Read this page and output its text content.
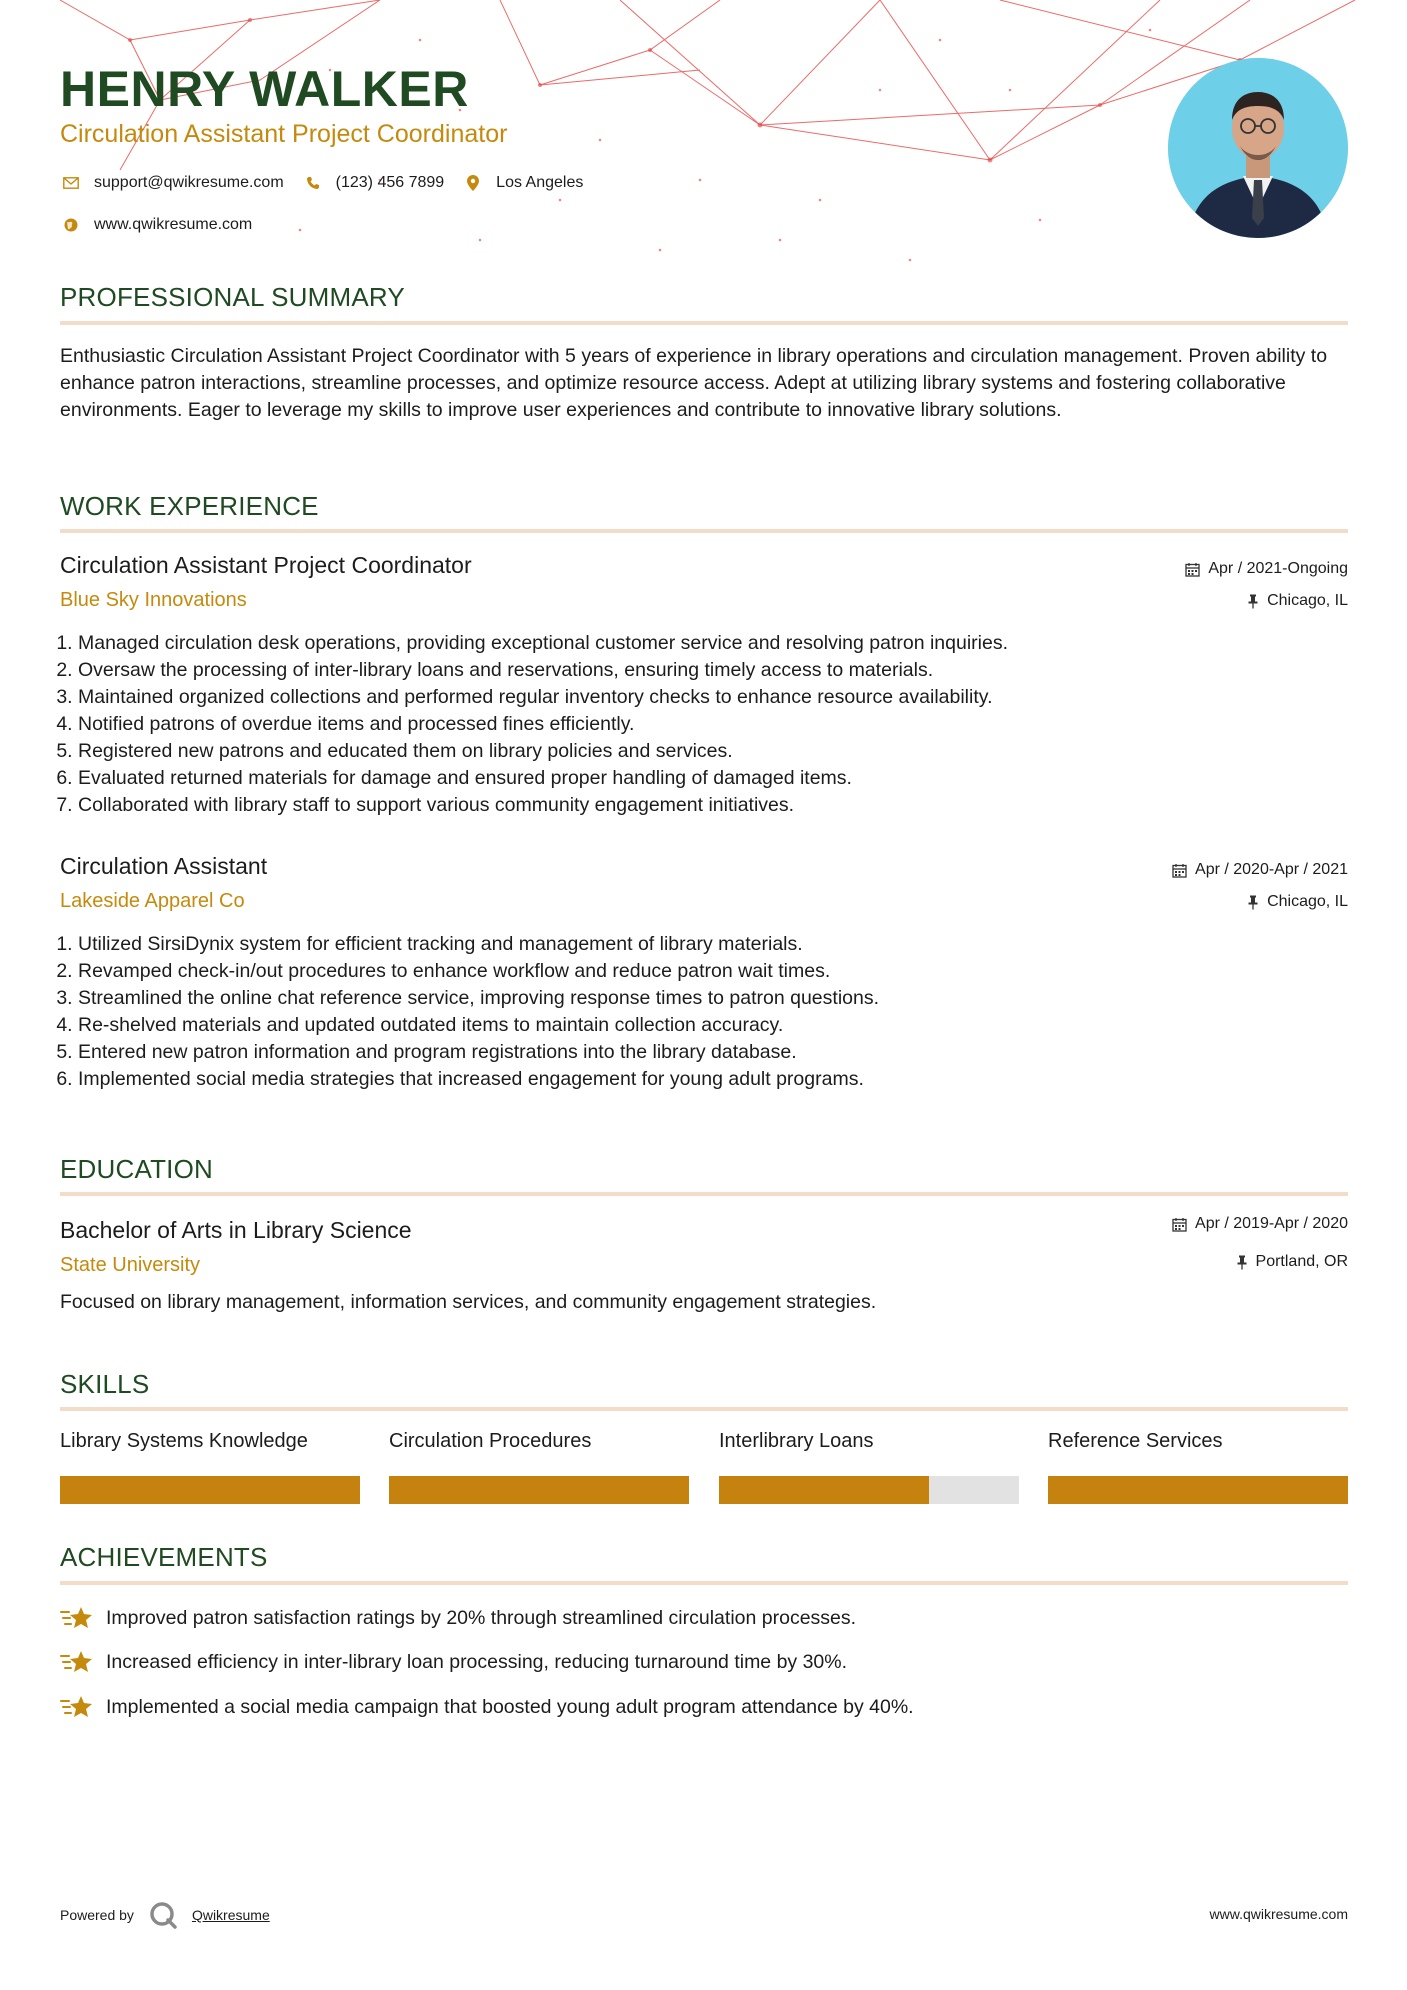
HENRY WALKER
Circulation Assistant Project Coordinator
support@qwikresume.com	(123) 456 7899	Los Angeles
www.qwikresume.com
PROFESSIONAL SUMMARY
Enthusiastic Circulation Assistant Project Coordinator with 5 years of experience in library operations and circulation management. Proven ability to enhance patron interactions, streamline processes, and optimize resource access. Adept at utilizing library systems and fostering collaborative environments. Eager to leverage my skills to improve user experiences and contribute to innovative library solutions.
WORK EXPERIENCE
Circulation Assistant Project Coordinator
Blue Sky Innovations
Apr / 2021-Ongoing
Chicago, IL
1. Managed circulation desk operations, providing exceptional customer service and resolving patron inquiries.
2. Oversaw the processing of inter-library loans and reservations, ensuring timely access to materials.
3. Maintained organized collections and performed regular inventory checks to enhance resource availability.
4. Notified patrons of overdue items and processed fines efficiently.
5. Registered new patrons and educated them on library policies and services.
6. Evaluated returned materials for damage and ensured proper handling of damaged items.
7. Collaborated with library staff to support various community engagement initiatives.
Circulation Assistant
Lakeside Apparel Co
Apr / 2020-Apr / 2021
Chicago, IL
1. Utilized SirsiDynix system for efficient tracking and management of library materials.
2. Revamped check-in/out procedures to enhance workflow and reduce patron wait times.
3. Streamlined the online chat reference service, improving response times to patron questions.
4. Re-shelved materials and updated outdated items to maintain collection accuracy.
5. Entered new patron information and program registrations into the library database.
6. Implemented social media strategies that increased engagement for young adult programs.
EDUCATION
Bachelor of Arts in Library Science
State University
Apr / 2019-Apr / 2020
Portland, OR
Focused on library management, information services, and community engagement strategies.
SKILLS
Library Systems Knowledge	Circulation Procedures	Interlibrary Loans	Reference Services
ACHIEVEMENTS
Improved patron satisfaction ratings by 20% through streamlined circulation processes.
Increased efficiency in inter-library loan processing, reducing turnaround time by 30%.
Implemented a social media campaign that boosted young adult program attendance by 40%.
Powered by	Qwikresume	www.qwikresume.com
